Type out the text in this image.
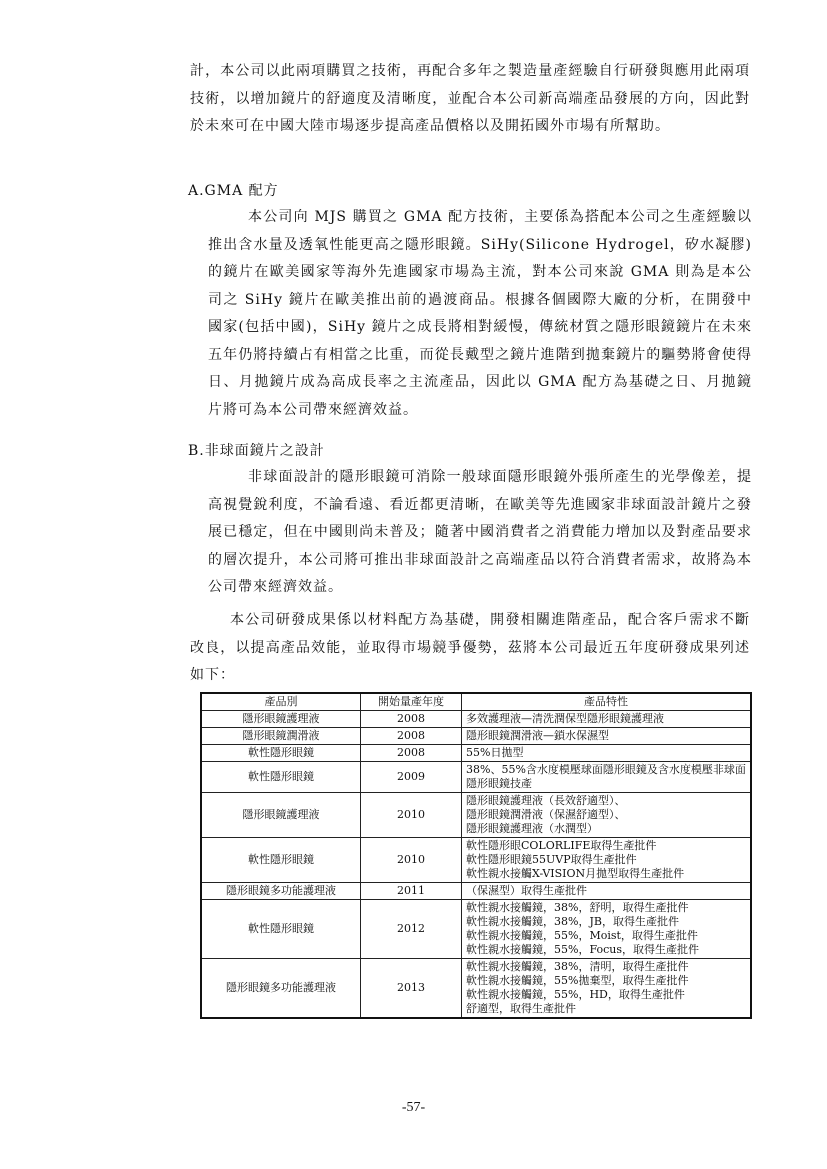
計，本公司以此兩項購買之技術，再配合多年之製造量產經驗自行研發與應用此兩項技術，以增加鏡片的舒適度及清晰度，並配合本公司新高端產品發展的方向，因此對於未來可在中國大陸市場逐步提高產品價格以及開拓國外市場有所幫助。

A.GMA 配方

本公司向 MJS 購買之 GMA 配方技術，主要係為搭配本公司之生產經驗以推出含水量及透氧性能更高之隱形眼鏡。SiHy(Silicone Hydrogel，矽水凝膠)的鏡片在歐美國家等海外先進國家市場為主流，對本公司來說 GMA 則為是本公司之 SiHy 鏡片在歐美推出前的過渡商品。根據各個國際大廠的分析，在開發中國家(包括中國)，SiHy 鏡片之成長將相對緩慢，傳統材質之隱形眼鏡鏡片在未來五年仍將持續占有相當之比重，而從長戴型之鏡片進階到拋棄鏡片的驅勢將會使得日、月拋鏡片成為高成長率之主流產品，因此以 GMA 配方為基礎之日、月拋鏡片將可為本公司帶來經濟效益。

B.非球面鏡片之設計

非球面設計的隱形眼鏡可消除一般球面隱形眼鏡外張所產生的光學像差，提高視覺銳利度，不論看遠、看近都更清晰，在歐美等先進國家非球面設計鏡片之發展已穩定，但在中國則尚未普及；隨著中國消費者之消費能力增加以及對產品要求的層次提升，本公司將可推出非球面設計之高端產品以符合消費者需求，故將為本公司帶來經濟效益。

本公司研發成果係以材料配方為基礎，開發相關進階產品，配合客戶需求不斷改良，以提高產品效能，並取得市場競爭優勢，茲將本公司最近五年度研發成果列述如下：

產品別	開始量產年度	產品特性
隱形眼鏡護理液	2008	多效護理液—清洗潤保型隱形眼鏡護理液

隱形眼鏡潤滑液	2008	隱形眼鏡潤滑液—鎖水保濕型

軟性隱形眼鏡	2008	55%日拋型

軟性隱形眼鏡	2009	38%、55%含水度模壓球面隱形眼鏡及含水度模壓非球面隱形眼鏡技產

隱形眼鏡護理液	2010	隱形眼鏡護理液（長效舒適型）、
隱形眼鏡潤滑液（保濕舒適型）、
隱形眼鏡護理液（水潤型）

軟性隱形眼鏡	2010	軟性隱形眼COLORLIFE取得生產批件
軟性隱形眼鏡55UVP取得生產批件
軟性親水接觸X-VISION月拋型取得生產批件

隱形眼鏡多功能護理液	2011	（保濕型）取得生產批件

軟性隱形眼鏡	2012	軟性親水接觸鏡，38%，舒明，取得生產批件
軟性親水接觸鏡，38%，JB，取得生產批件
軟性親水接觸鏡，55%，Moist，取得生產批件
軟性親水接觸鏡，55%，Focus，取得生產批件

隱形眼鏡多功能護理液	2013	軟性親水接觸鏡，38%，清明，取得生產批件
軟性親水接觸鏡，55%拋棄型，取得生產批件
軟性親水接觸鏡，55%，HD，取得生產批件
舒適型，取得生產批件
-57-
